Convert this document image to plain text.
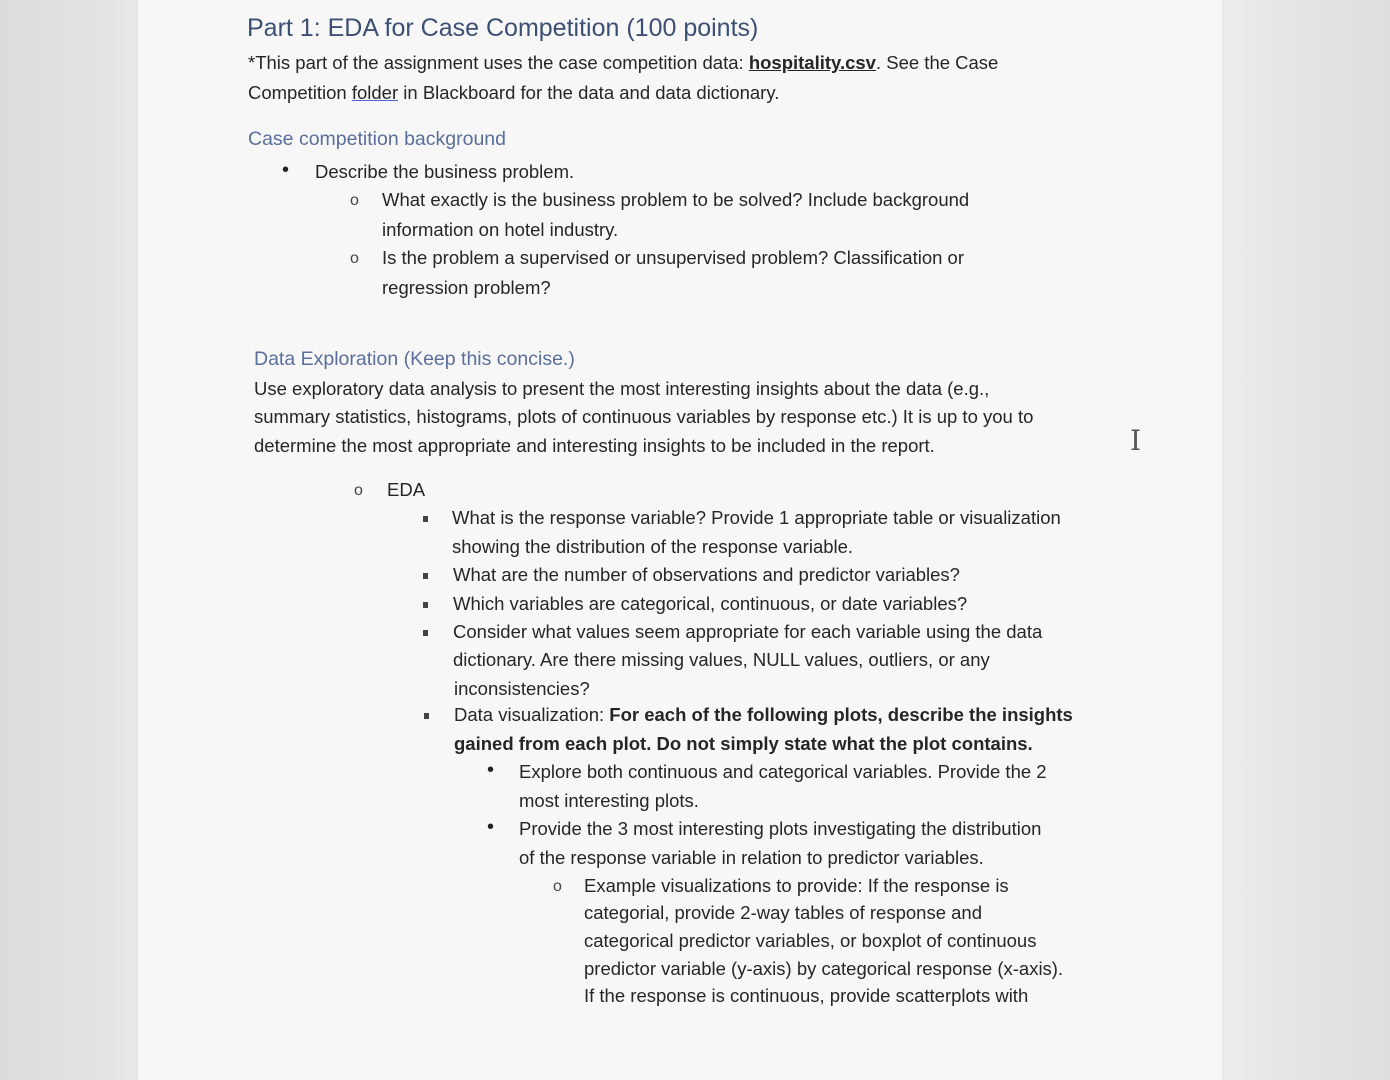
Part 1: EDA for Case Competition (100 points)
*This part of the assignment uses the case competition data: hospitality.csv. See the Case
Competition folder in Blackboard for the data and data dictionary.
Case competition background
• Describe the business problem.
o What exactly is the business problem to be solved? Include background
information on hotel industry.
o Is the problem a supervised or unsupervised problem? Classification or
regression problem?
Data Exploration (Keep this concise.)
Use exploratory data analysis to present the most interesting insights about the data (e.g.,
summary statistics, histograms, plots of continuous variables by response etc.) It is up to you to
determine the most appropriate and interesting insights to be included in the report.	I
o EDA
What is the response variable? Provide 1 appropriate table or visualization
showing the distribution of the response variable.
What are the number of observations and predictor variables?
Which variables are categorical, continuous, or date variables?
Consider what values seem appropriate for each variable using the data
dictionary. Are there missing values, NULL values, outliers, or any
inconsistencies?
Data visualization: For each of the following plots, describe the insights
gained from each plot. Do not simply state what the plot contains.
• Explore both continuous and categorical variables. Provide the 2
most interesting plots.
• Provide the 3 most interesting plots investigating the distribution
of the response variable in relation to predictor variables.
o Example visualizations to provide: If the response is
categorial, provide 2-way tables of response and
categorical predictor variables, or boxplot of continuous
predictor variable (y-axis) by categorical response (x-axis).
If the response is continuous, provide scatterplots with
